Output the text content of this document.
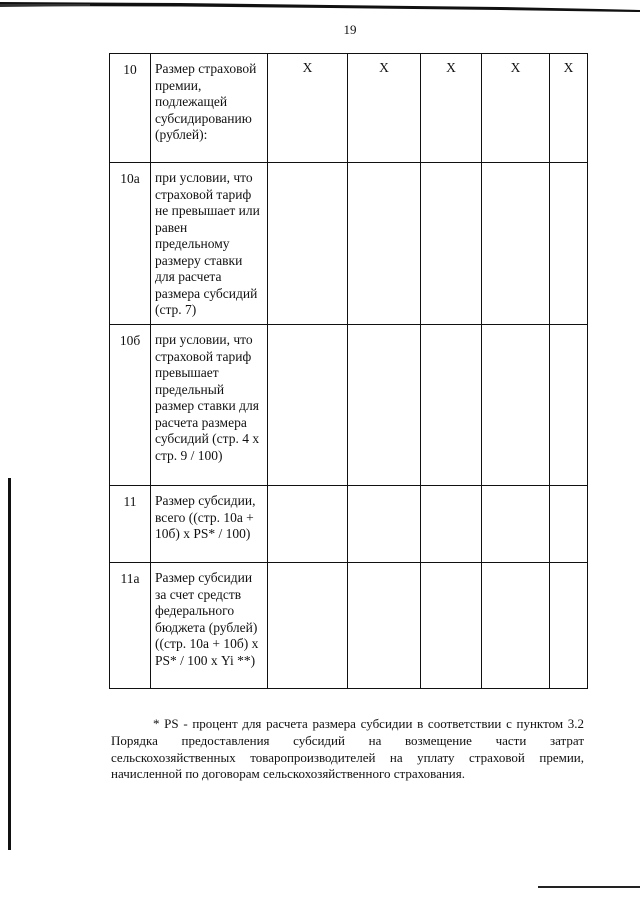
19
10	Размер страховой премии, подлежащей субсидированию (рублей):	X	X	X	X	X
10а	при условии, что страховой тариф не превышает или равен предельному размеру ставки для расчета размера субсидий (стр. 7)					
10б	при условии, что страховой тариф превышает предельный размер ставки для расчета размера субсидий (стр. 4 х стр. 9 / 100)					
11	Размер субсидии, всего ((стр. 10а + 10б) x PS* / 100)					
11а	Размер субсидии за счет средств федерального бюджета (рублей) ((стр. 10а + 10б) х PS* / 100 х Yi **)					

* PS - процент для расчета размера субсидии в соответствии с пунктом 3.2 Порядка предоставления субсидий на возмещение части затрат сельскохозяйственных товаропроизводителей на уплату страховой премии, начисленной по договорам сельскохозяйственного страхования.
